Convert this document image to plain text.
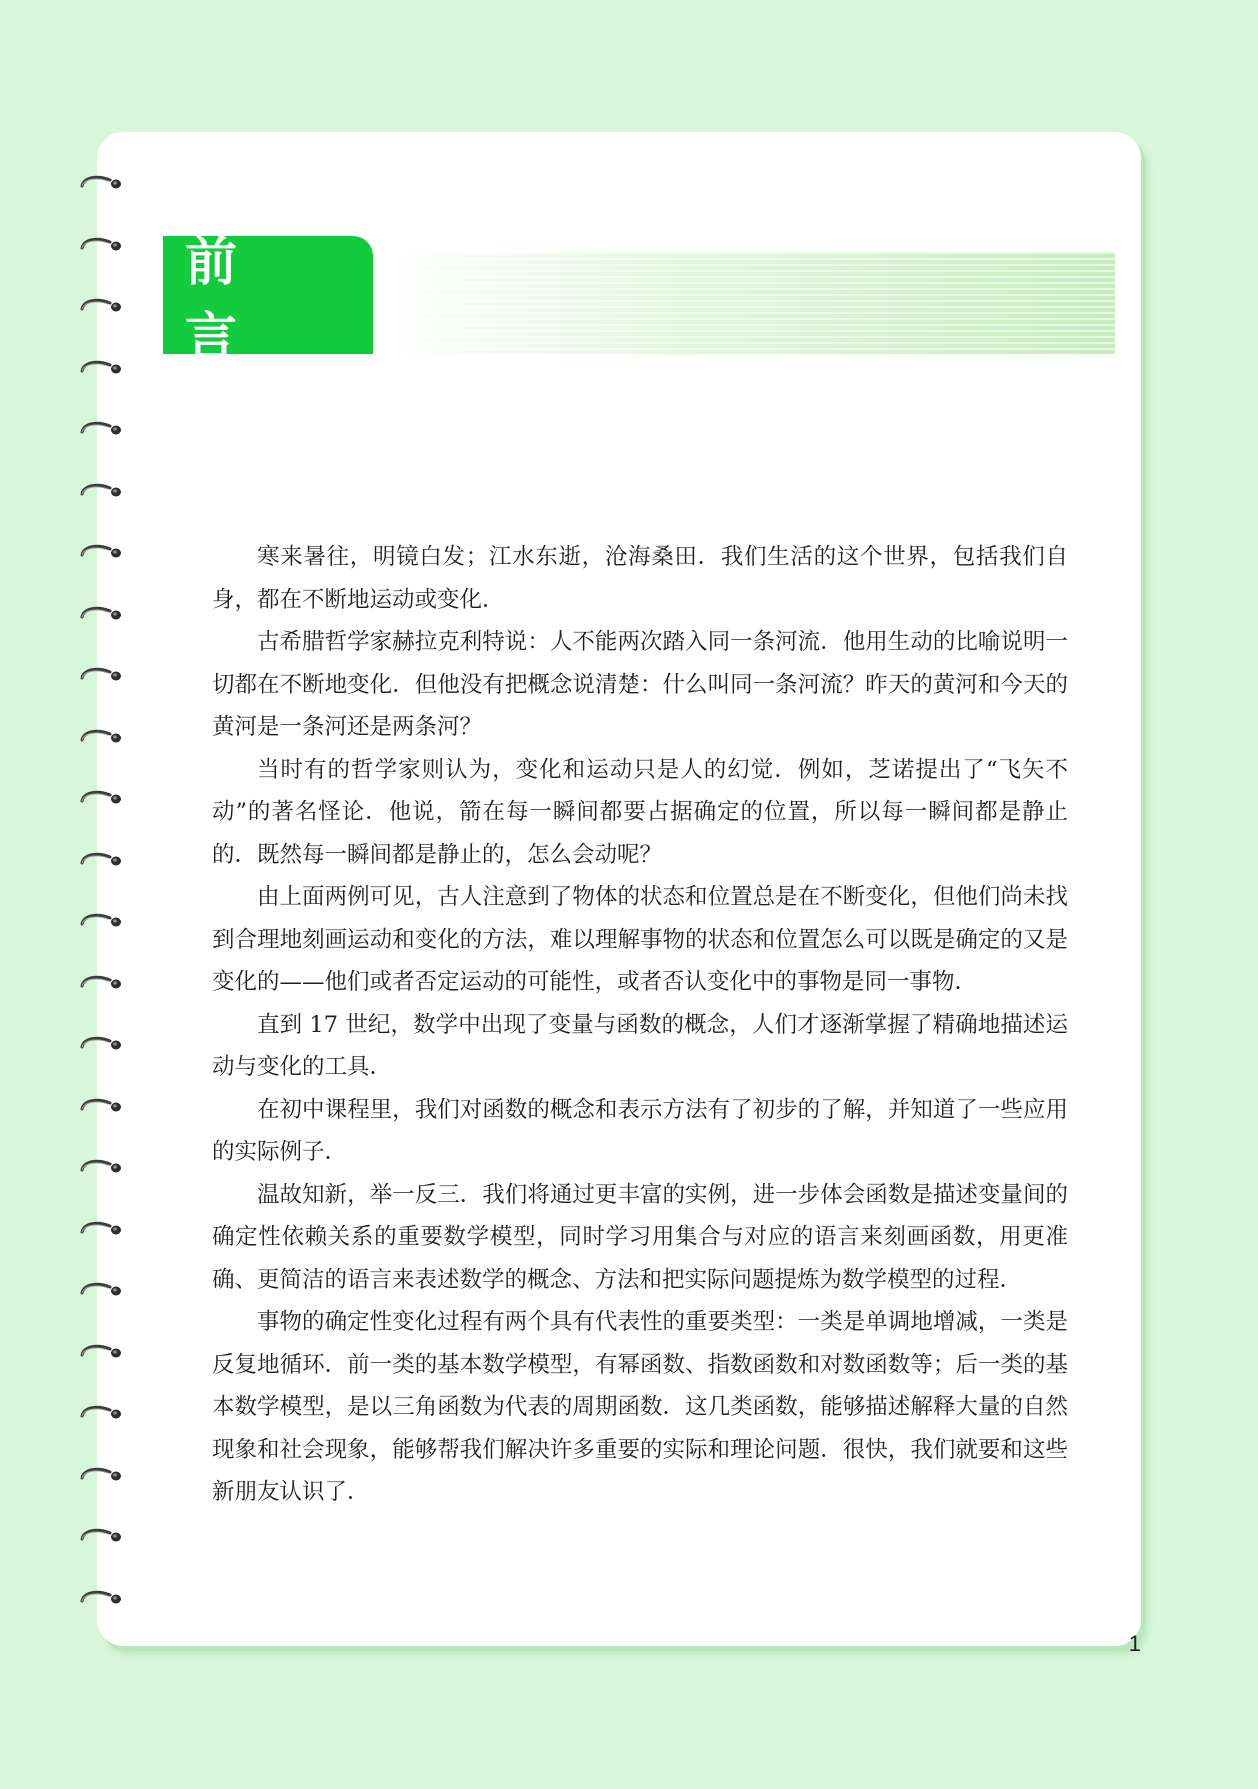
前 言

寒来暑往，明镜白发；江水东逝，沧海桑田．我们生活的这个世界，包括我们自身，都在不断地运动或变化．

古希腊哲学家赫拉克利特说：人不能两次踏入同一条河流．他用生动的比喻说明一切都在不断地变化．但他没有把概念说清楚：什么叫同一条河流？昨天的黄河和今天的黄河是一条河还是两条河？

当时有的哲学家则认为，变化和运动只是人的幻觉．例如，芝诺提出了“飞矢不动”的著名怪论．他说，箭在每一瞬间都要占据确定的位置，所以每一瞬间都是静止的．既然每一瞬间都是静止的，怎么会动呢？

由上面两例可见，古人注意到了物体的状态和位置总是在不断变化，但他们尚未找到合理地刻画运动和变化的方法，难以理解事物的状态和位置怎么可以既是确定的又是变化的——他们或者否定运动的可能性，或者否认变化中的事物是同一事物．

直到 17 世纪，数学中出现了变量与函数的概念，人们才逐渐掌握了精确地描述运动与变化的工具．

在初中课程里，我们对函数的概念和表示方法有了初步的了解，并知道了一些应用的实际例子．

温故知新，举一反三．我们将通过更丰富的实例，进一步体会函数是描述变量间的确定性依赖关系的重要数学模型，同时学习用集合与对应的语言来刻画函数，用更准确、更简洁的语言来表述数学的概念、方法和把实际问题提炼为数学模型的过程．

事物的确定性变化过程有两个具有代表性的重要类型：一类是单调地增减，一类是反复地循环．前一类的基本数学模型，有幂函数、指数函数和对数函数等；后一类的基本数学模型，是以三角函数为代表的周期函数．这几类函数，能够描述解释大量的自然现象和社会现象，能够帮我们解决许多重要的实际和理论问题．很快，我们就要和这些新朋友认识了．

1
